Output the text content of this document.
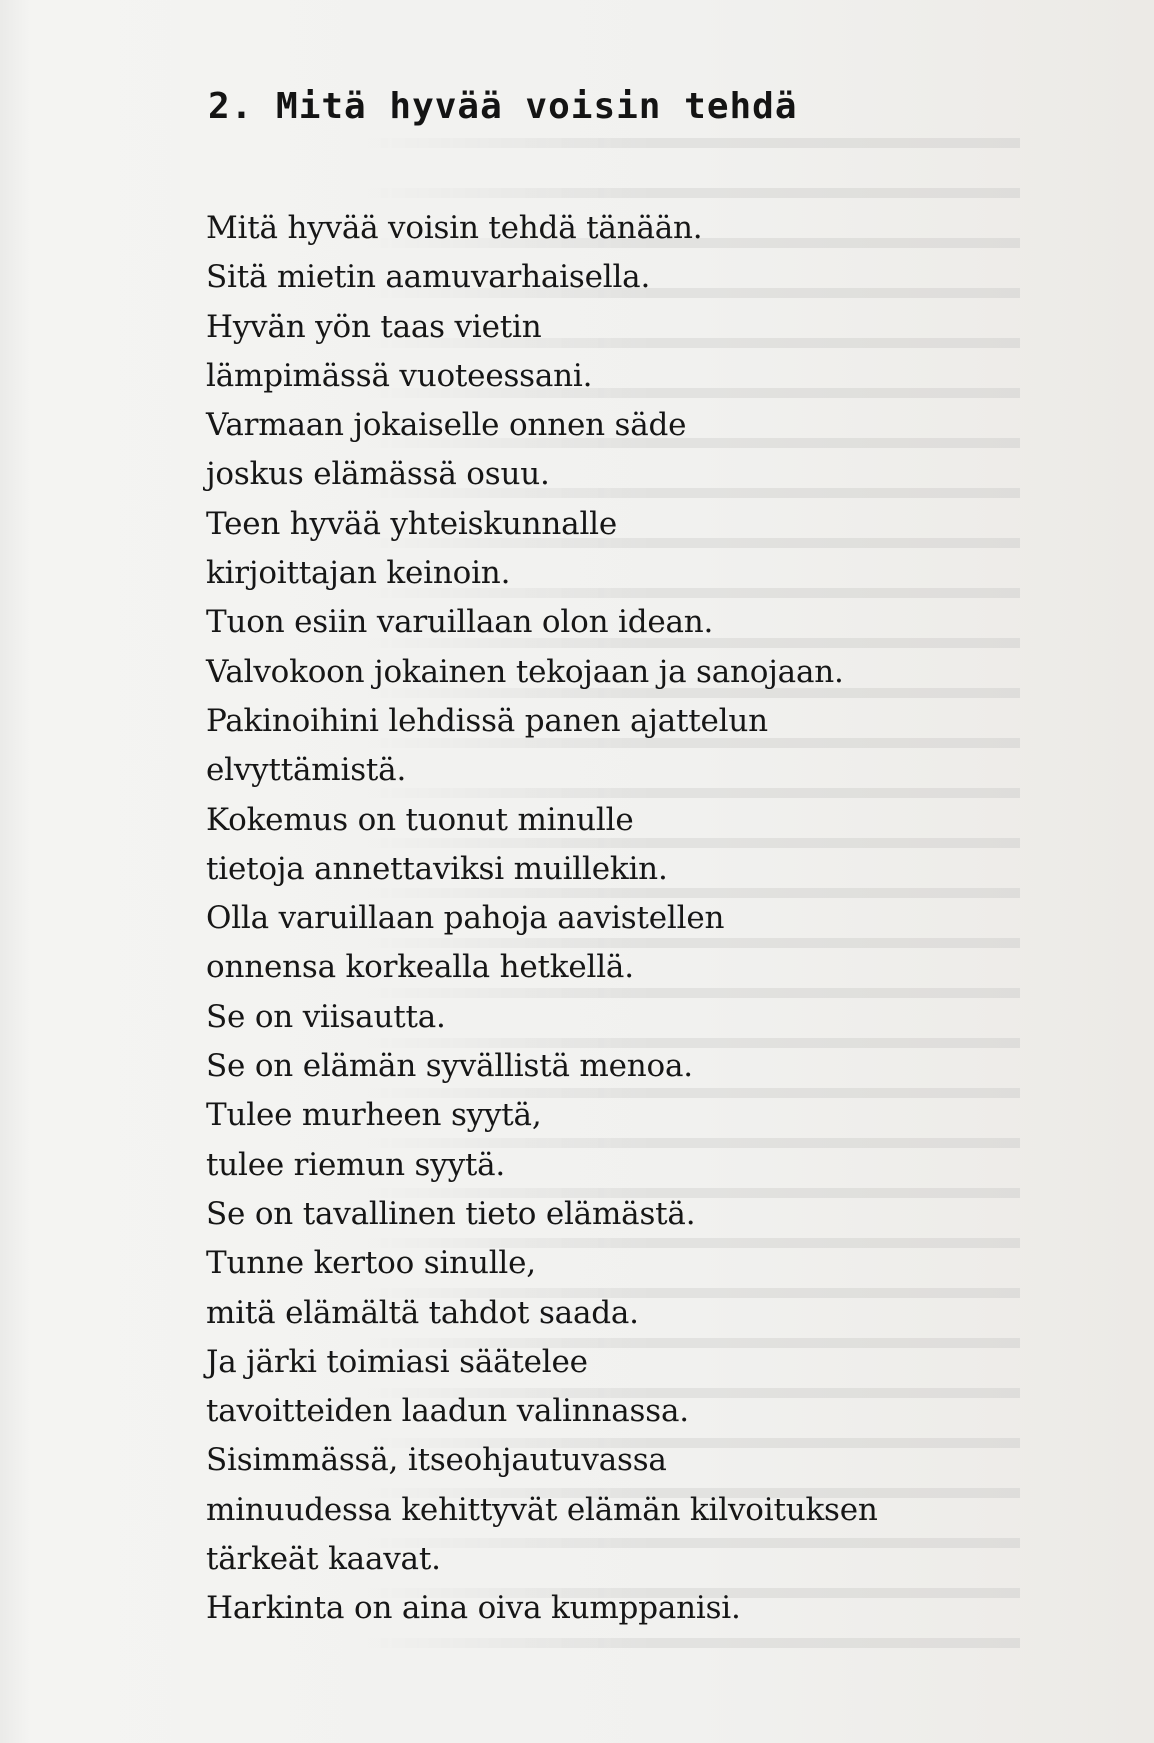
2. Mitä hyvää voisin tehdä
Mitä hyvää voisin tehdä tänään.
Sitä mietin aamuvarhaisella.
Hyvän yön taas vietin
lämpimässä vuoteessani.
Varmaan jokaiselle onnen säde
joskus elämässä osuu.
Teen hyvää yhteiskunnalle
kirjoittajan keinoin.
Tuon esiin varuillaan olon idean.
Valvokoon jokainen tekojaan ja sanojaan.
Pakinoihini lehdissä panen ajattelun
elvyttämistä.
Kokemus on tuonut minulle
tietoja annettaviksi muillekin.
Olla varuillaan pahoja aavistellen
onnensa korkealla hetkellä.
Se on viisautta.
Se on elämän syvällistä menoa.
Tulee murheen syytä,
tulee riemun syytä.
Se on tavallinen tieto elämästä.
Tunne kertoo sinulle,
mitä elämältä tahdot saada.
Ja järki toimiasi säätelee
tavoitteiden laadun valinnassa.
Sisimmässä, itseohjautuvassa
minuudessa kehittyvät elämän kilvoituksen
tärkeät kaavat.
Harkinta on aina oiva kumppanisi.
